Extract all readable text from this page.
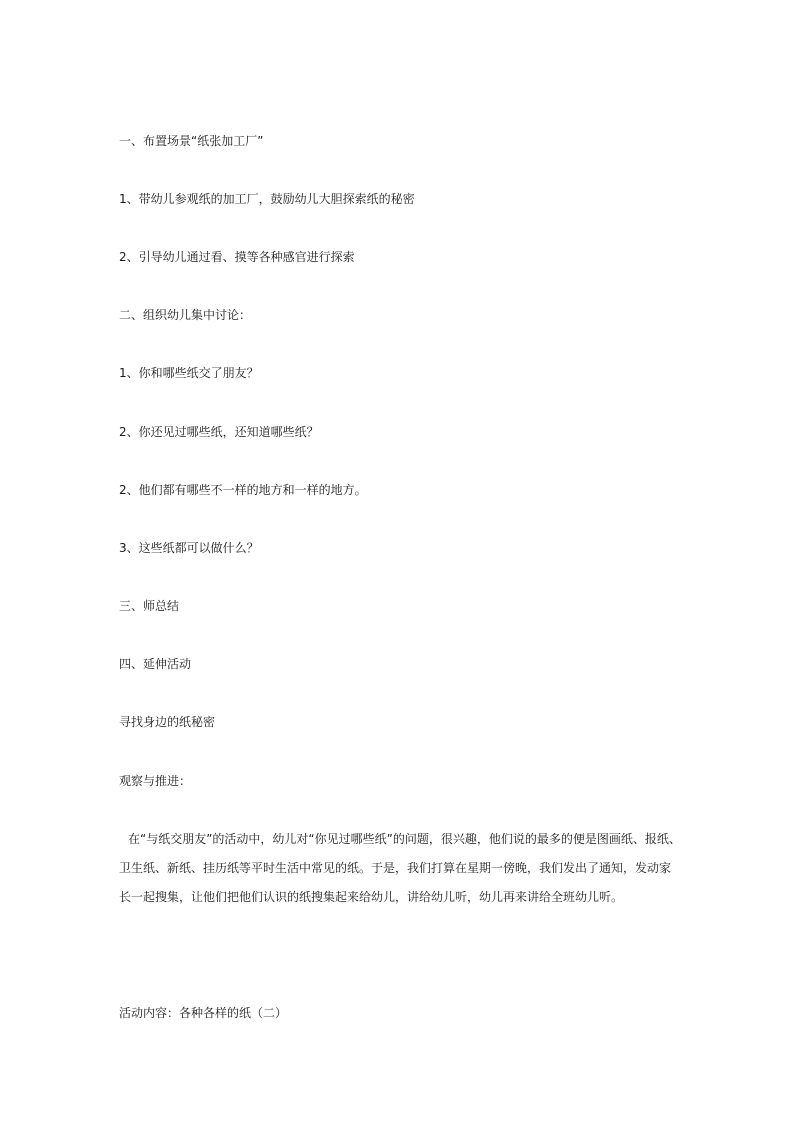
一、布置场景“纸张加工厂”
1、带幼儿参观纸的加工厂，鼓励幼儿大胆探索纸的秘密
2、引导幼儿通过看、摸等各种感官进行探索
二、组织幼儿集中讨论：
1、你和哪些纸交了朋友？
2、你还见过哪些纸，还知道哪些纸？
2、他们都有哪些不一样的地方和一样的地方。
3、这些纸都可以做什么？
三、师总结
四、延伸活动
寻找身边的纸秘密
观察与推进：

在“与纸交朋友”的活动中，幼儿对“你见过哪些纸”的问题，很兴趣，他们说的最多的便是图画纸、报纸、

卫生纸、新纸、挂历纸等平时生活中常见的纸。于是，我们打算在星期一傍晚，我们发出了通知，发动家

长一起搜集，让他们把他们认识的纸搜集起来给幼儿，讲给幼儿听，幼儿再来讲给全班幼儿听。

活动内容：各种各样的纸（二）
